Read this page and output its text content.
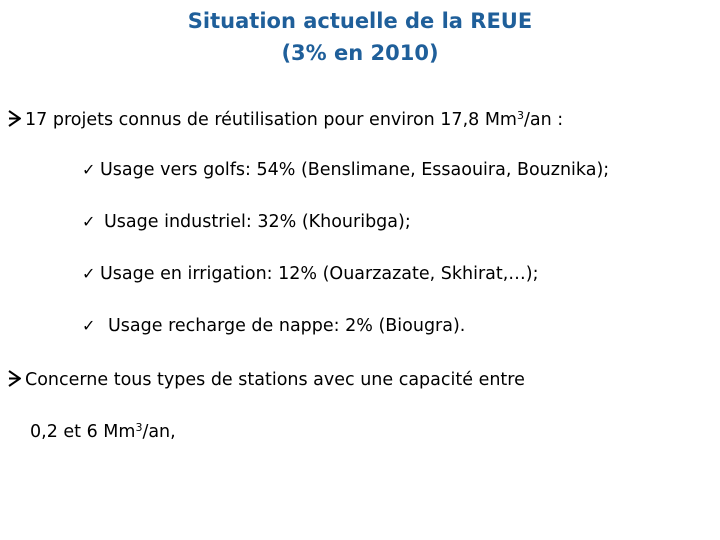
Situation actuelle de la REUE
(3% en 2010)
17 projets connus de réutilisation pour environ 17,8 Mm$^3$/an :
✓ Usage vers golfs: 54% (Benslimane, Essaouira, Bouznika);
✓ Usage industriel: 32% (Khouribga);
✓ Usage en irrigation: 12% (Ouarzazate, Skhirat,…);
✓ Usage recharge de nappe: 2% (Biougra).
Concerne tous types de stations avec une capacité entre
0,2 et 6 Mm$^3$/an,
